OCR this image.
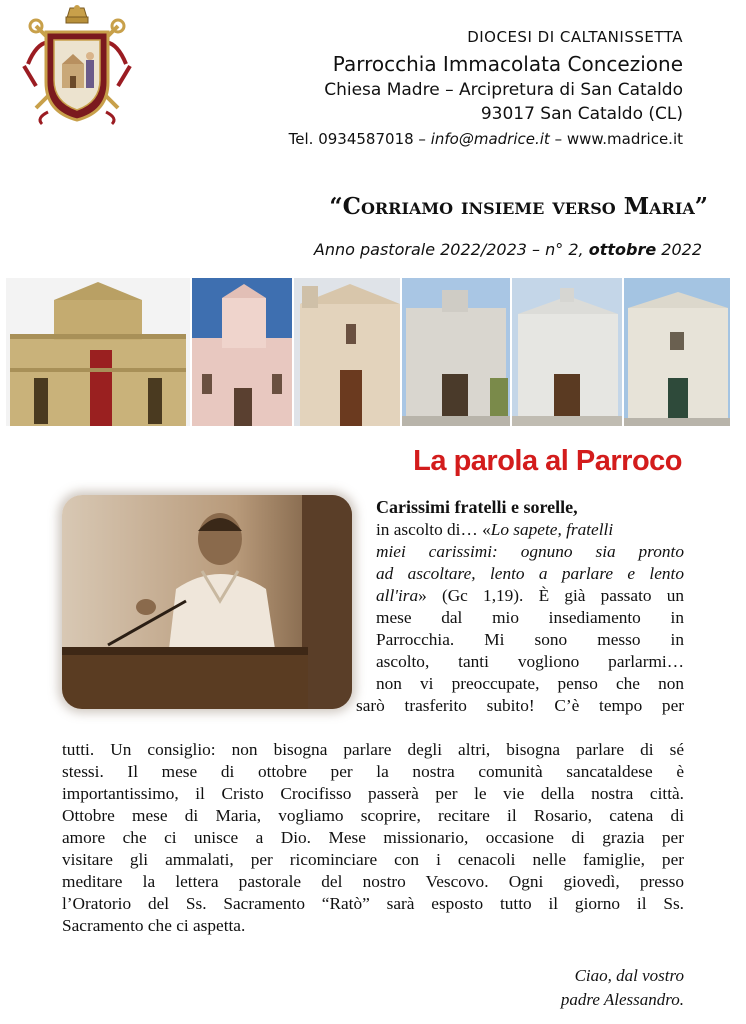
DIOCESI DI CALTANISSETTA
Parrocchia Immacolata Concezione
Chiesa Madre – Arcipretura di San Cataldo
93017 San Cataldo (CL)
Tel. 0934587018 – info@madrice.it – www.madrice.it
“Corriamo insieme verso Maria”
Anno pastorale 2022/2023 – n° 2, ottobre 2022
La parola al Parroco
Carissimi fratelli e sorelle,
in ascolto di… «Lo sapete, fratelli
miei carissimi: ognuno sia pronto
ad ascoltare, lento a parlare e lento
all'ira» (Gc 1,19). È già passato un
mese dal mio insediamento in
Parrocchia. Mi sono messo in
ascolto, tanti vogliono parlarmi…
non vi preoccupate, penso che non
sarò trasferito subito! C’è tempo per
tutti. Un consiglio: non bisogna parlare degli altri, bisogna parlare di sé
stessi. Il mese di ottobre per la nostra comunità sancataldese è
importantissimo, il Cristo Crocifisso passerà per le vie della nostra città.
Ottobre mese di Maria, vogliamo scoprire, recitare il Rosario, catena di
amore che ci unisce a Dio. Mese missionario, occasione di grazia per
visitare gli ammalati, per ricominciare con i cenacoli nelle famiglie, per
meditare la lettera pastorale del nostro Vescovo. Ogni giovedì, presso
l’Oratorio del Ss. Sacramento “Ratò” sarà esposto tutto il giorno il Ss.
Sacramento che ci aspetta.
Ciao, dal vostro
padre Alessandro.
